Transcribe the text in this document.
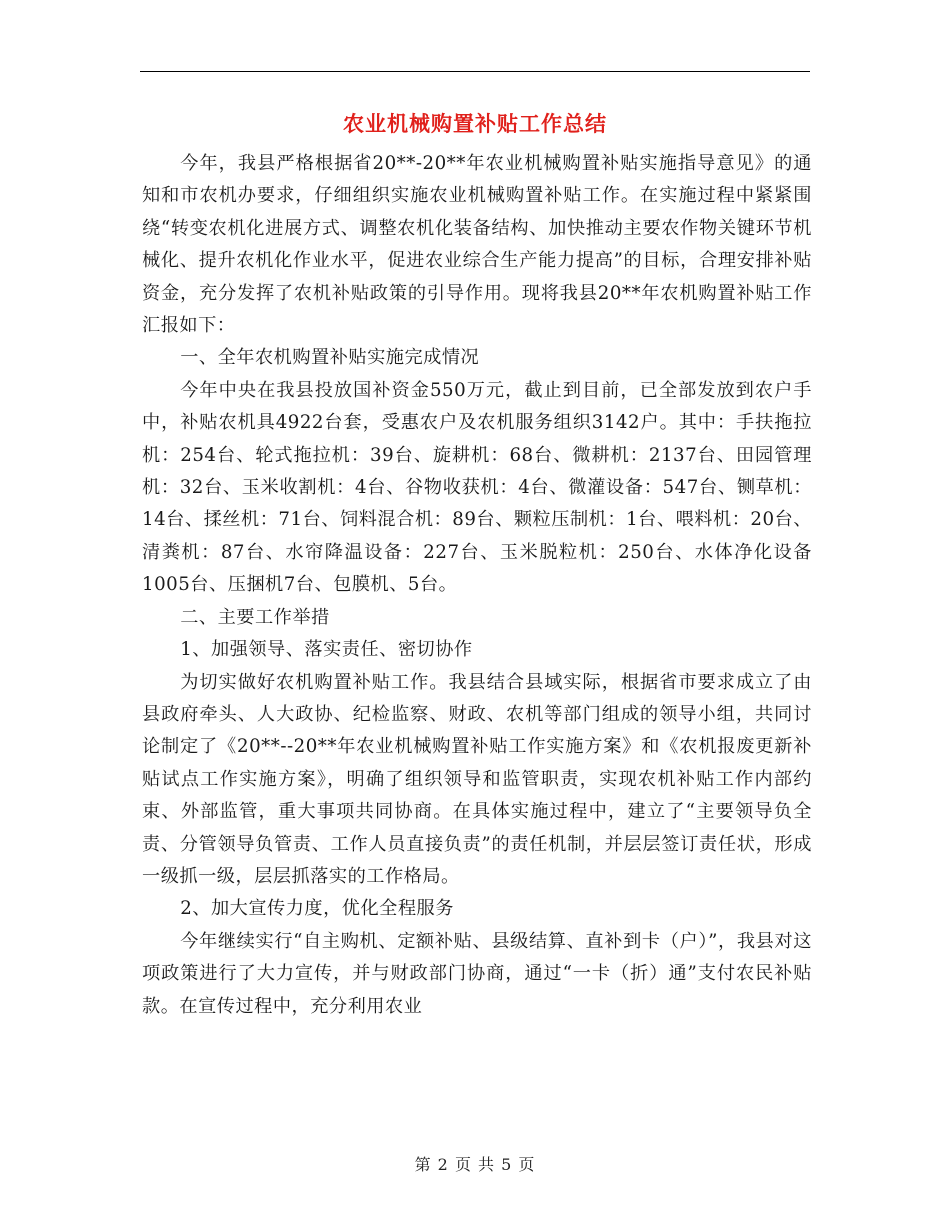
农业机械购置补贴工作总结

今年，我县严格根据省20**-20**年农业机械购置补贴实施指导意见》的通知和市农机办要求，仔细组织实施农业机械购置补贴工作。在实施过程中紧紧围绕“转变农机化进展方式、调整农机化装备结构、加快推动主要农作物关键环节机械化、提升农机化作业水平，促进农业综合生产能力提高”的目标，合理安排补贴资金，充分发挥了农机补贴政策的引导作用。现将我县20**年农机购置补贴工作汇报如下：

一、全年农机购置补贴实施完成情况

今年中央在我县投放国补资金550万元，截止到目前，已全部发放到农户手中，补贴农机具4922台套，受惠农户及农机服务组织3142户。其中：手扶拖拉机：254台、轮式拖拉机：39台、旋耕机：68台、微耕机：2137台、田园管理机：32台、玉米收割机：4台、谷物收获机：4台、微灌设备：547台、铡草机：14台、揉丝机：71台、饲料混合机：89台、颗粒压制机：1台、喂料机：20台、清粪机：87台、水帘降温设备：227台、玉米脱粒机：250台、水体净化设备1005台、压捆机7台、包膜机、5台。

二、主要工作举措

1、加强领导、落实责任、密切协作

为切实做好农机购置补贴工作。我县结合县域实际，根据省市要求成立了由县政府牵头、人大政协、纪检监察、财政、农机等部门组成的领导小组，共同讨论制定了《20**--20**年农业机械购置补贴工作实施方案》和《农机报废更新补贴试点工作实施方案》，明确了组织领导和监管职责，实现农机补贴工作内部约束、外部监管，重大事项共同协商。在具体实施过程中，建立了“主要领导负全责、分管领导负管责、工作人员直接负责”的责任机制，并层层签订责任状，形成一级抓一级，层层抓落实的工作格局。

2、加大宣传力度，优化全程服务

今年继续实行“自主购机、定额补贴、县级结算、直补到卡（户）”，我县对这项政策进行了大力宣传，并与财政部门协商，通过“一卡（折）通”支付农民补贴款。在宣传过程中，充分利用农业

第 2 页 共 5 页
